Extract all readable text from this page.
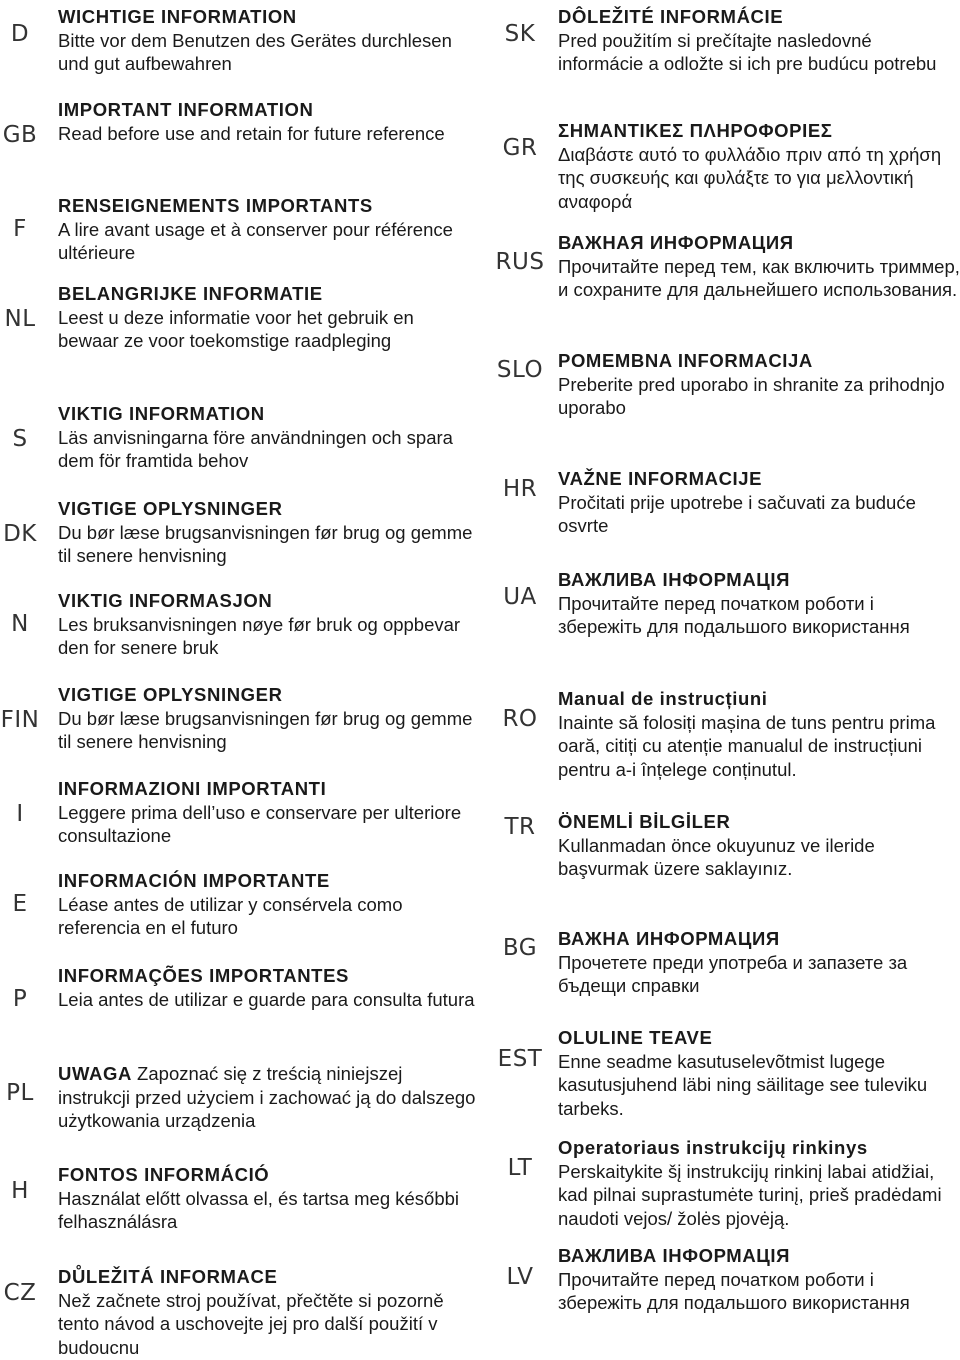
D
WICHTIGE INFORMATION
Bitte vor dem Benutzen des Gerätes durchlesen und gut aufbewahren
GB
IMPORTANT INFORMATION
Read before use and retain for future reference
F
RENSEIGNEMENTS IMPORTANTS
A lire avant usage et à conserver pour référence ultérieure
NL
BELANGRIJKE INFORMATIE
Leest u deze informatie voor het gebruik en bewaar ze voor toekomstige raadpleging
S
VIKTIG INFORMATION
Läs anvisningarna före användningen och spara dem för framtida behov
DK
VIGTIGE OPLYSNINGER
Du bør læse brugsanvisningen før brug og gemme til senere henvisning
N
VIKTIG INFORMASJON
Les bruksanvisningen nøye før bruk og oppbevar den for senere bruk
FIN
VIGTIGE OPLYSNINGER
Du bør læse brugsanvisningen før brug og gemme til senere henvisning
I
INFORMAZIONI IMPORTANTI
Leggere prima dell’uso e conservare per ulteriore consultazione
E
INFORMACIÓN IMPORTANTE
Léase antes de utilizar y consérvela como referencia en el futuro
P
INFORMAÇÕES IMPORTANTES
Leia antes de utilizar e guarde para consulta futura
PL
UWAGA Zapoznać się z treścią niniejszej instrukcji przed użyciem i zachować ją do dalszego użytkowania urządzenia
H
FONTOS INFORMÁCIÓ
Használat előtt olvassa el, és tartsa meg későbbi felhasználásra
CZ
DŮLEŽITÁ INFORMACE
Než začnete stroj používat, přečtěte si pozorně tento návod a uschovejte jej pro další použití v budoucnu
SK
DÔLEŽITÉ INFORMÁCIE
Pred použitím si prečítajte nasledovné informácie a odložte si ich pre budúcu potrebu
GR
ΣΗΜΑΝΤΙΚΕΣ ΠΛΗΡΟΦΟΡΙΕΣ
Διαβάστε αυτό το φυλλάδιο πριν από τη χρήση της συσκευής και φυλάξτε το για μελλοντική αναφορά
RUS
ВАЖНАЯ ИНФОРМАЦИЯ
Прочитайте перед тем, как включить триммер, и сохраните для дальнейшего использования.
SLO POMEMBNA INFORMACIJA
Preberite pred uporabo in shranite za prihodnjo uporabo
HR	VAŽNE INFORMACIJE
Pročitati prije upotrebe i sačuvati za buduće osvrte
UA
ВАЖЛИВА ІНФОРМАЦІЯ
Прочитайте перед початком роботи і збережіть для подальшого використання
RO
Manual de instrucțiuni
Inainte să folosiți mașina de tuns pentru prima oară, citiți cu atenție manualul de instrucțiuni pentru a-i înțelege conținutul.
TR	ÖNEMLİ BİLGİLER
Kullanmadan önce okuyunuz ve ileride başvurmak üzere saklayınız.
BG	ВАЖНА ИНФОРМАЦИЯ
Прочетете преди употреба и запазете за бъдещи справки
EST
OLULINE TEAVE
Enne seadme kasutuselevõtmist lugege kasutusjuhend läbi ning säilitage see tuleviku tarbeks.
LT
Operatoriaus instrukcijų rinkinys
Perskaitykite šį instrukcijų rinkinį labai atidžiai, kad pilnai suprastumėte turinį, prieš pradėdami naudoti vejos/ žolės pjovėją.
LV
ВАЖЛИВА ІНФОРМАЦІЯ
Прочитайте перед початком роботи і збережіть для подальшого використання
